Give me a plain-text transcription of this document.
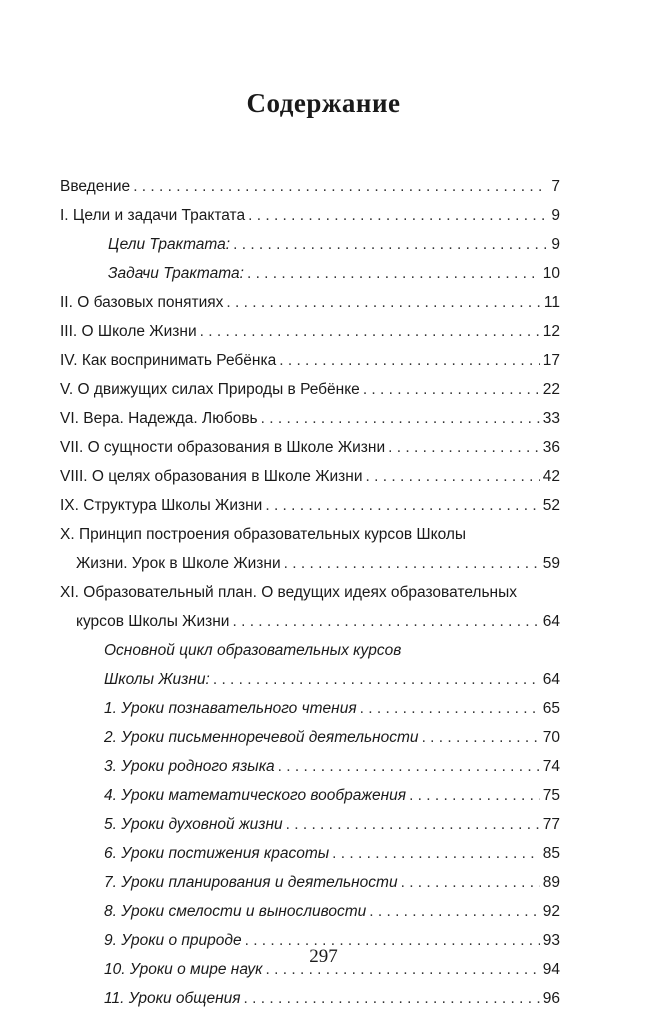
Содержание
Введение . . .	7
I. Цели и задачи Трактата . . .	9
Цели Трактата: . . .	9
Задачи Трактата: . . .	10
II. О базовых понятиях . . .	11
III. О Школе Жизни . . .	12
IV. Как воспринимать Ребёнка . . .	17
V. О движущих силах Природы в Ребёнке . . .	22
VI. Вера. Надежда. Любовь . . .	33
VII. О сущности образования в Школе Жизни . . .	36
VIII. О целях образования в Школе Жизни . . .	42
IX. Структура Школы Жизни . . .	52
X. Принцип построения образовательных курсов Школы
Жизни. Урок в Школе Жизни . . .	59
XI. Образовательный план. О ведущих идеях образовательных
курсов Школы Жизни . . .	64
Основной цикл образовательных курсов
Школы Жизни: . . .	64
1. Уроки познавательного чтения . . .	65
2. Уроки письменноречевой деятельности . . .	70
3. Уроки родного языка . . .	74
4. Уроки математического воображения . . .	75
5. Уроки духовной жизни . . .	77
6. Уроки постижения красоты . . .	85
7. Уроки планирования и деятельности . . .	89
8. Уроки смелости и выносливости . . .	92
9. Уроки о природе . . .	93
10. Уроки о мире наук . . .	94
11. Уроки общения . . .	96
297
